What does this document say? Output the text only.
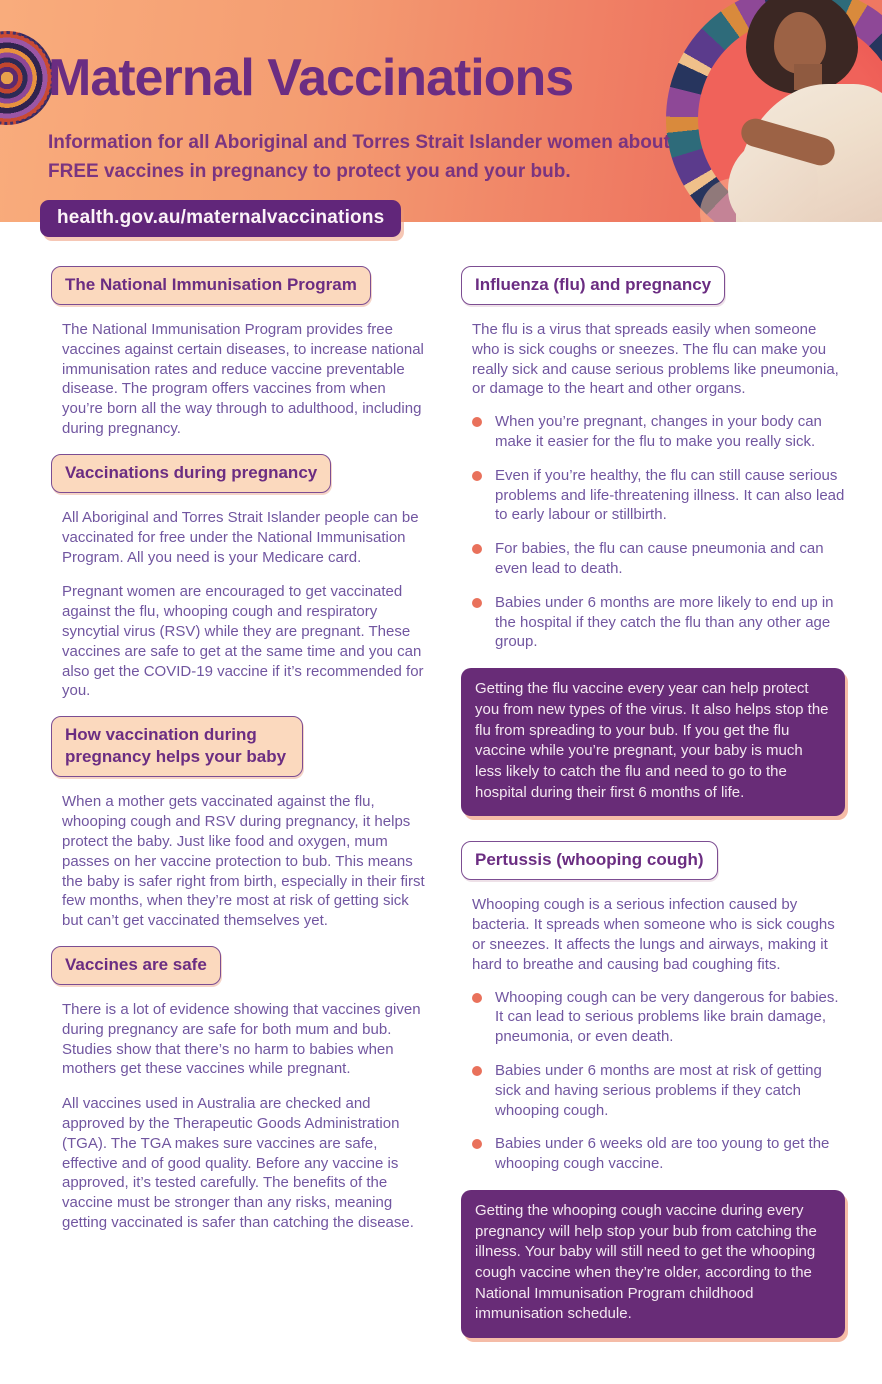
Maternal Vaccinations
Information for all Aboriginal and Torres Strait Islander women about
FREE vaccines in pregnancy to protect you and your bub.
health.gov.au/maternalvaccinations
The National Immunisation Program

The National Immunisation Program provides free vaccines against certain diseases, to increase national immunisation rates and reduce vaccine preventable disease. The program offers vaccines from when you’re born all the way through to adulthood, including during pregnancy.

Vaccinations during pregnancy

All Aboriginal and Torres Strait Islander people can be vaccinated for free under the National Immunisation Program. All you need is your Medicare card.

Pregnant women are encouraged to get vaccinated against the flu, whooping cough and respiratory syncytial virus (RSV) while they are pregnant. These vaccines are safe to get at the same time and you can also get the COVID-19 vaccine if it’s recommended for you.

How vaccination during pregnancy helps your baby

When a mother gets vaccinated against the flu, whooping cough and RSV during pregnancy, it helps protect the baby. Just like food and oxygen, mum passes on her vaccine protection to bub. This means the baby is safer right from birth, especially in their first few months, when they’re most at risk of getting sick but can’t get vaccinated themselves yet.

Vaccines are safe

There is a lot of evidence showing that vaccines given during pregnancy are safe for both mum and bub. Studies show that there’s no harm to babies when mothers get these vaccines while pregnant.

All vaccines used in Australia are checked and approved by the Therapeutic Goods Administration (TGA). The TGA makes sure vaccines are safe, effective and of good quality. Before any vaccine is approved, it’s tested carefully. The benefits of the vaccine must be stronger than any risks, meaning getting vaccinated is safer than catching the disease.

Influenza (flu) and pregnancy

The flu is a virus that spreads easily when someone who is sick coughs or sneezes. The flu can make you really sick and cause serious problems like pneumonia, or damage to the heart and other organs.

When you’re pregnant, changes in your body can make it easier for the flu to make you really sick.
Even if you’re healthy, the flu can still cause serious problems and life-threatening illness. It can also lead to early labour or stillbirth.
For babies, the flu can cause pneumonia and can even lead to death.
Babies under 6 months are more likely to end up in the hospital if they catch the flu than any other age group.
Getting the flu vaccine every year can help protect you from new types of the virus. It also helps stop the flu from spreading to your bub. If you get the flu vaccine while you’re pregnant, your baby is much less likely to catch the flu and need to go to the hospital during their first 6 months of life.
Pertussis (whooping cough)

Whooping cough is a serious infection caused by bacteria. It spreads when someone who is sick coughs or sneezes. It affects the lungs and airways, making it hard to breathe and causing bad coughing fits.

Whooping cough can be very dangerous for babies. It can lead to serious problems like brain damage, pneumonia, or even death.
Babies under 6 months are most at risk of getting sick and having serious problems if they catch whooping cough.
Babies under 6 weeks old are too young to get the whooping cough vaccine.
Getting the whooping cough vaccine during every pregnancy will help stop your bub from catching the illness. Your baby will still need to get the whooping cough vaccine when they’re older, according to the National Immunisation Program childhood immunisation schedule.
